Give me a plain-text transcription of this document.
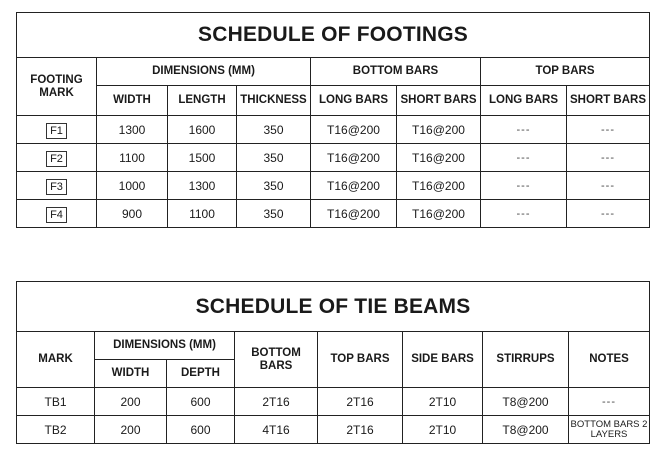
SCHEDULE OF FOOTINGS							
FOOTING MARK	DIMENSIONS (MM)			BOTTOM BARS		TOP BARS	
	WIDTH	LENGTH	THICKNESS	LONG BARS	SHORT BARS	LONG BARS	SHORT BARS
F1	1300	1600	350	T16@200	T16@200	---	---
F2	1100	1500	350	T16@200	T16@200	---	---
F3	1000	1300	350	T16@200	T16@200	---	---
F4	900	1100	350	T16@200	T16@200	---	---
SCHEDULE OF TIE BEAMS							
MARK	DIMENSIONS (MM)		BOTTOM BARS	TOP BARS	SIDE BARS	STIRRUPS	NOTES
	WIDTH	DEPTH					
TB1	200	600	2T16	2T16	2T10	T8@200	---
TB2	200	600	4T16	2T16	2T10	T8@200	BOTTOM BARS 2 LAYERS
